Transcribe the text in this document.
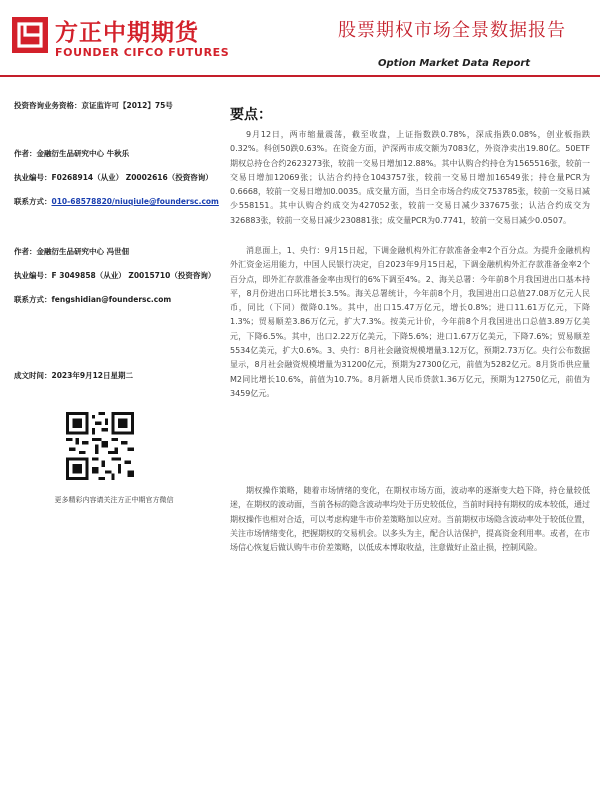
方正中期期货
FOUNDER CIFCO FUTURES
股票期权市场全景数据报告
Option Market Data Report
投资咨询业务资格：京证监许可【2012】75号
作者：金融衍生品研究中心 牛秋乐
执业编号：F0268914（从业） Z0002616（投资咨询）
联系方式：010-68578820/niuqiule@foundersc.com
作者：金融衍生品研究中心 冯世佃
执业编号：F 3049858（从业） Z0015710（投资咨询）
联系方式：fengshidian@foundersc.com
成文时间：2023年9月12日星期二
更多精彩内容请关注方正中期官方微信
要点：
9月12日，两市缩量震荡，截至收盘，上证指数跌0.78%，深成指跌0.08%，创业板指跌0.32%。科创50跌0.63%。在资金方面，沪深两市成交额为7083亿，外资净卖出19.80亿。50ETF期权总持仓合约2623273张，较前一交易日增加12.88%。其中认购合约持仓为1565516张，较前一交易日增加12069张；认沽合约持仓1043757张，较前一交易日增加16549张；持仓量PCR为0.6668，较前一交易日增加0.0035。成交量方面，当日全市场合约成交753785张，较前一交易日减少558151。其中认购合约成交为427052张，较前一交易日减少337675张；认沽合约成交为326883张，较前一交易日减少230881张；成交量PCR为0.7741，较前一交易日减少0.0507。
消息面上，1、央行：9月15日起，下调金融机构外汇存款准备金率2个百分点。为提升金融机构外汇资金运用能力，中国人民银行决定，自2023年9月15日起，下调金融机构外汇存款准备金率2个百分点，即外汇存款准备金率由现行的6%下调至4%。2、海关总署：今年前8个月我国进出口基本持平，8月份进出口环比增长3.5%。海关总署统计，今年前8个月，我国进出口总值27.08万亿元人民币，同比（下同）微降0.1%。其中，出口15.47万亿元，增长0.8%；进口11.61万亿元，下降1.3%；贸易顺差3.86万亿元，扩大7.3%。按美元计价，今年前8个月我国进出口总值3.89万亿美元，下降6.5%。其中，出口2.22万亿美元，下降5.6%；进口1.67万亿美元，下降7.6%；贸易顺差5534亿美元，扩大0.6%。3、央行：8月社会融资规模增量3.12万亿，预期2.73万亿。央行公布数据显示，8月社会融资规模增量为31200亿元，预期为27300亿元，前值为5282亿元。8月货币供应量M2同比增长10.6%，前值为10.7%。8月新增人民币贷款1.36万亿元，预期为12750亿元，前值为3459亿元。
期权操作策略，随着市场情绪的变化，在期权市场方面，波动率的逐渐变大趋下降，持仓量较低迷，在期权的波动面，当前各标的隐含波动率均处于历史较低位，当前时间持有期权的成本较低，通过期权操作也相对合适，可以考虑构建牛市价差策略加以应对。当前期权市场隐含波动率处于较低位置，关注市场情绪变化，把握期权的交易机会。以多头为主，配合认沽保护，提高资金利用率。或者，在市场信心恢复后做认购牛市价差策略，以低成本博取收益，注意做好止盈止损，控制风险。
